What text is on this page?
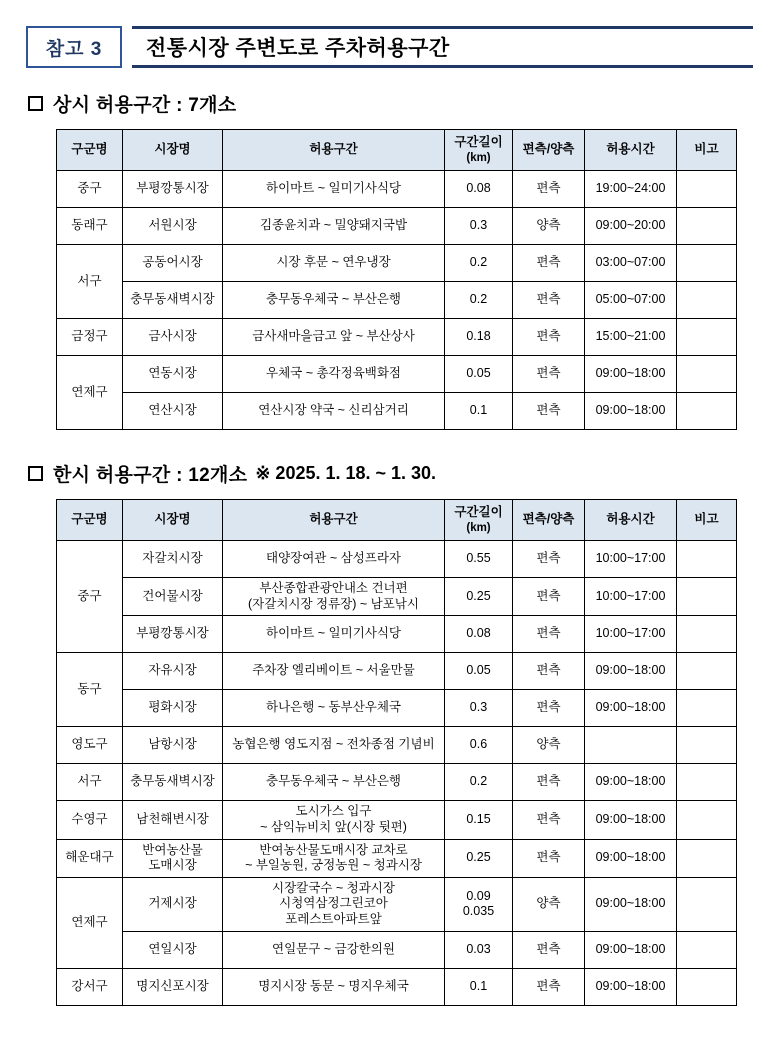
참고 3 전통시장 주변도로 주차허용구간
상시 허용구간 : 7개소
구군명	시장명	허용구간	구간길이
(km)	편측/양측	허용시간	비고
중구	부평깡통시장	하이마트 ~ 일미기사식당	0.08	편측	19:00~24:00	
동래구	서원시장	김종윤치과 ~ 밀양돼지국밥	0.3	양측	09:00~20:00	
서구	공동어시장	시장 후문 ~ 연우냉장	0.2	편측	03:00~07:00	
	충무동새벽시장	충무동우체국 ~ 부산은행	0.2	편측	05:00~07:00	
금정구	금사시장	금사새마을금고 앞 ~ 부산상사	0.18	편측	15:00~21:00	
연제구	연동시장	우체국 ~ 총각정육백화점	0.05	편측	09:00~18:00	
	연산시장	연산시장 약국 ~ 신리삼거리	0.1	편측	09:00~18:00	
한시 허용구간 : 12개소 ※ 2025. 1. 18. ~ 1. 30.
구군명	시장명	허용구간	구간길이
(km)	편측/양측	허용시간	비고
중구	자갈치시장	태양장여관 ~ 삼성프라자	0.55	편측	10:00~17:00	
	건어물시장	부산종합관광안내소 건너편
(자갈치시장 정류장) ~ 남포낚시	0.25	편측	10:00~17:00	
	부평깡통시장	하이마트 ~ 일미기사식당	0.08	편측	10:00~17:00	
동구	자유시장	주차장 엘리베이트 ~ 서울만물	0.05	편측	09:00~18:00	
	평화시장	하나은행 ~ 동부산우체국	0.3	편측	09:00~18:00	
영도구	남항시장	농협은행 영도지점 ~ 전차종점 기념비	0.6	양측		
서구	충무동새벽시장	충무동우체국 ~ 부산은행	0.2	편측	09:00~18:00	
수영구	남천해변시장	도시가스 입구
~ 삼익뉴비치 앞(시장 뒷편)	0.15	편측	09:00~18:00	
해운대구	반여농산물
도매시장	반여농산물도매시장 교차로
~ 부일농원, 궁정농원 ~ 청과시장	0.25	편측	09:00~18:00	
연제구	거제시장	시장칼국수 ~ 청과시장
시청역삼정그린코아
포레스트아파트앞	0.09
0.035	양측	09:00~18:00	
	연일시장	연일문구 ~ 금강한의원	0.03	편측	09:00~18:00	
강서구	명지신포시장	명지시장 동문 ~ 명지우체국	0.1	편측	09:00~18:00	
